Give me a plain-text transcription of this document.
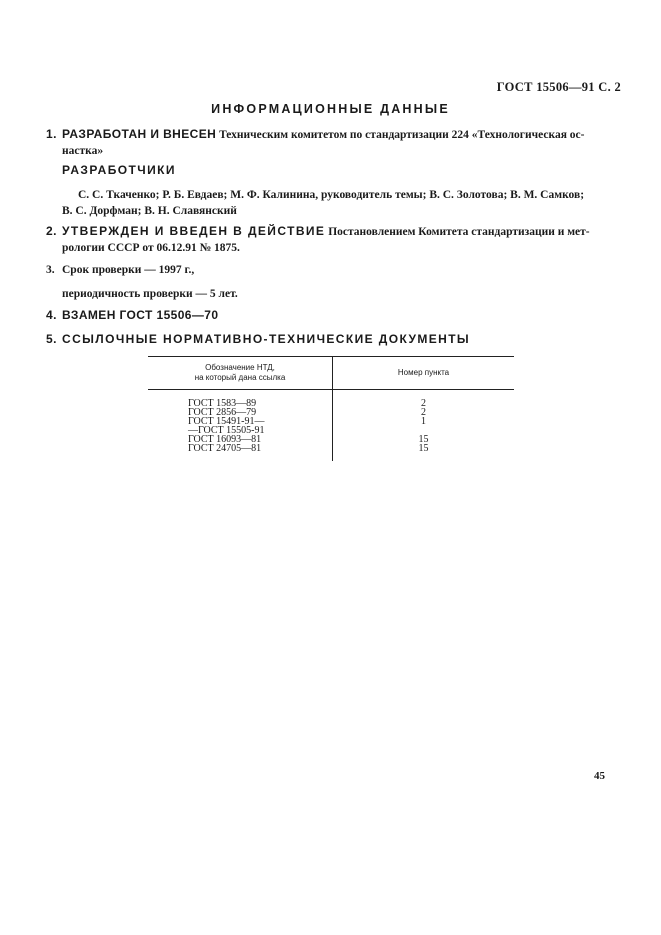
ГОСТ 15506—91 С. 2
ИНФОРМАЦИОННЫЕ ДАННЫЕ
1. РАЗРАБОТАН И ВНЕСЕН Техническим комитетом по стандартизации 224 «Технологическая ос-
настка»
РАЗРАБОТЧИКИ
С. С. Ткаченко; Р. Б. Евдаев; М. Ф. Калинина, руководитель темы; В. С. Золотова; В. М. Самков;
В. С. Дорфман; В. Н. Славянский
2. УТВЕРЖДЕН И ВВЕДЕН В ДЕЙСТВИЕ Постановлением Комитета стандартизации и мет-
рологии СССР от 06.12.91 № 1875.
3. Срок проверки — 1997 г.,
периодичность проверки — 5 лет.
4. ВЗАМЕН ГОСТ 15506—70
5. ССЫЛОЧНЫЕ НОРМАТИВНО-ТЕХНИЧЕСКИЕ ДОКУМЕНТЫ
Обозначение НТД,
на который дана ссылка	Номер пункта

ГОСТ 1583—89	2
ГОСТ 2856—79	2
ГОСТ 15491-91—	1
—ГОСТ 15505-91	
ГОСТ 16093—81	15
ГОСТ 24705—81	15
45
